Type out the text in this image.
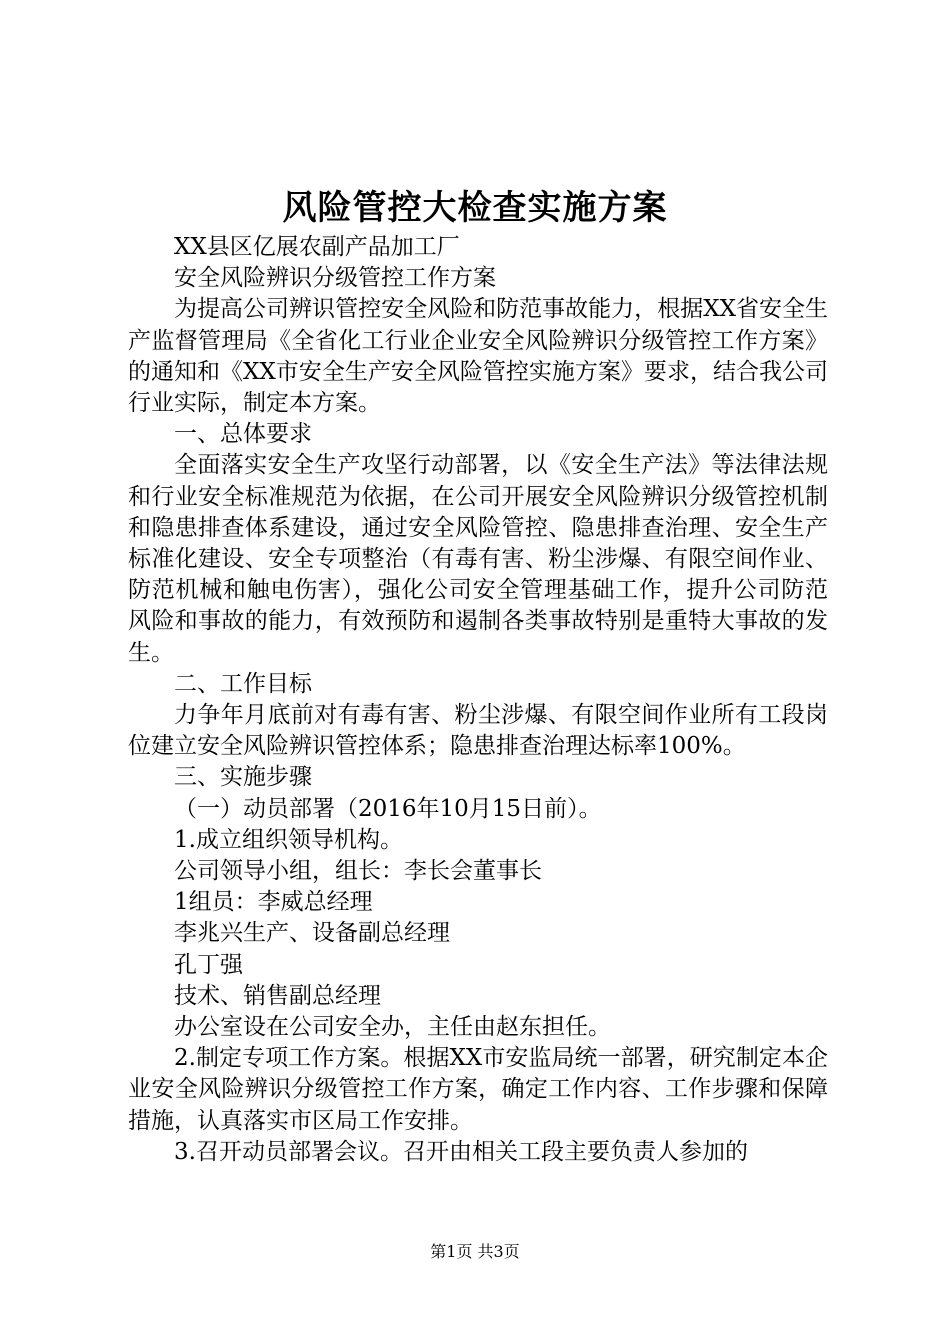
风险管控大检查实施方案

XX县区亿展农副产品加工厂

安全风险辨识分级管控工作方案

为提高公司辨识管控安全风险和防范事故能力，根据XX省安全生产监督管理局《全省化工行业企业安全风险辨识分级管控工作方案》的通知和《XX市安全生产安全风险管控实施方案》要求，结合我公司行业实际，制定本方案。

一、总体要求

全面落实安全生产攻坚行动部署，以《安全生产法》等法律法规和行业安全标准规范为依据，在公司开展安全风险辨识分级管控机制和隐患排查体系建设，通过安全风险管控、隐患排查治理、安全生产标准化建设、安全专项整治（有毒有害、粉尘涉爆、有限空间作业、防范机械和触电伤害），强化公司安全管理基础工作，提升公司防范风险和事故的能力，有效预防和遏制各类事故特别是重特大事故的发生。

二、工作目标

力争年月底前对有毒有害、粉尘涉爆、有限空间作业所有工段岗位建立安全风险辨识管控体系；隐患排查治理达标率100%。

三、实施步骤

（一）动员部署（2016年10月15日前）。

1.成立组织领导机构。

公司领导小组，组长：李长会董事长

1组员：李威总经理

李兆兴生产、设备副总经理

孔丁强

技术、销售副总经理

办公室设在公司安全办，主任由赵东担任。

2.制定专项工作方案。根据XX市安监局统一部署，研究制定本企业安全风险辨识分级管控工作方案，确定工作内容、工作步骤和保障措施，认真落实市区局工作安排。

3.召开动员部署会议。召开由相关工段主要负责人参加的

第1页 共3页
